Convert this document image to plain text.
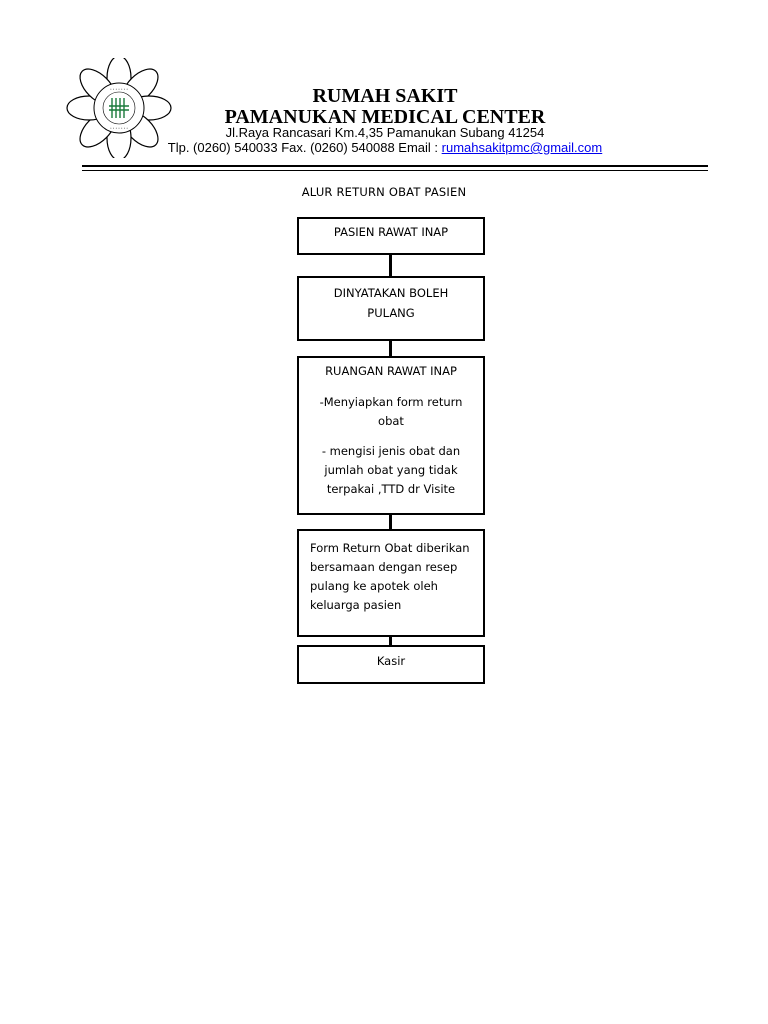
• • • • • • •
• • • • • • •
RUMAH SAKIT
PAMANUKAN MEDICAL CENTER
Jl.Raya Rancasari Km.4,35 Pamanukan Subang 41254
Tlp. (0260) 540033 Fax. (0260) 540088 Email : rumahsakitpmc@gmail.com
ALUR RETURN OBAT PASIEN

PASIEN RAWAT INAP

DINYATAKAN BOLEH

PULANG

RUANGAN RAWAT INAP

-Menyiapkan form return

obat

- mengisi jenis obat dan

jumlah obat yang tidak

terpakai ,TTD dr Visite

Form Return Obat diberikan

bersamaan dengan resep

pulang ke apotek oleh

keluarga pasien

Kasir
